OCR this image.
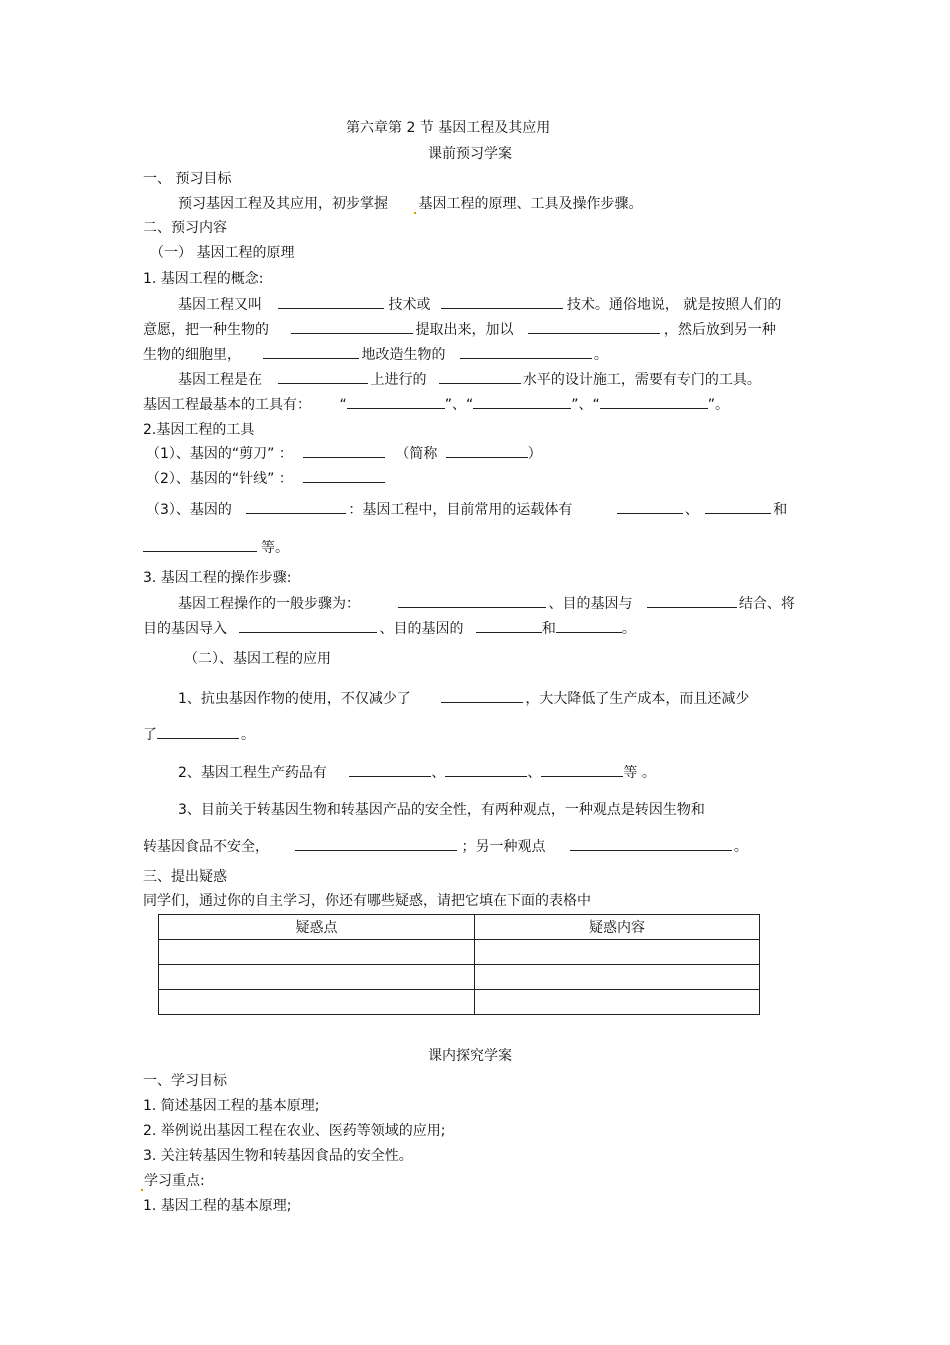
第六章第 2 节 基因工程及其应用
课前预习学案
一、 预习目标
预习基因工程及其应用，初步掌握 基因工程的原理、工具及操作步骤。
二、预习内容
（一） 基因工程的原理
1. 基因工程的概念:
基因工程又叫	技术或	技术。通俗地说， 就是按照人们的
意愿，把一种生物的	提取出来，加以	，然后放到另一种
生物的细胞里，	地改造生物的	。
基因工程是在	上进行的	水平的设计施工，需要有专门的工具。
基因工程最基本的工具有： “	”、“	”、“	”。
2.基因工程的工具
（1）、基因的“剪刀” ：	（简称	）
（2）、基因的“针线” ：
（3）、基因的	：基因工程中，目前常用的运载体有	、	和
等。
3. 基因工程的操作步骤:
基因工程操作的一般步骤为：	、目的基因与	结合、将
目的基因导入	、目的基因的	和	。
（二）、基因工程的应用
1、抗虫基因作物的使用，不仅减少了	，大大降低了生产成本，而且还减少
了	。
2、基因工程生产药品有	、	、	等 。
3、目前关于转基因生物和转基因产品的安全性，有两种观点，一种观点是转因生物和
转基因食品不安全，	；另一种观点	。
三、提出疑惑
同学们，通过你的自主学习，你还有哪些疑惑，请把它填在下面的表格中
疑惑点	疑惑内容

课内探究学案
一、学习目标
1. 简述基因工程的基本原理;
2. 举例说出基因工程在农业、医药等领域的应用;
3. 关注转基因生物和转基因食品的安全性。
学习重点:
1. 基因工程的基本原理;
